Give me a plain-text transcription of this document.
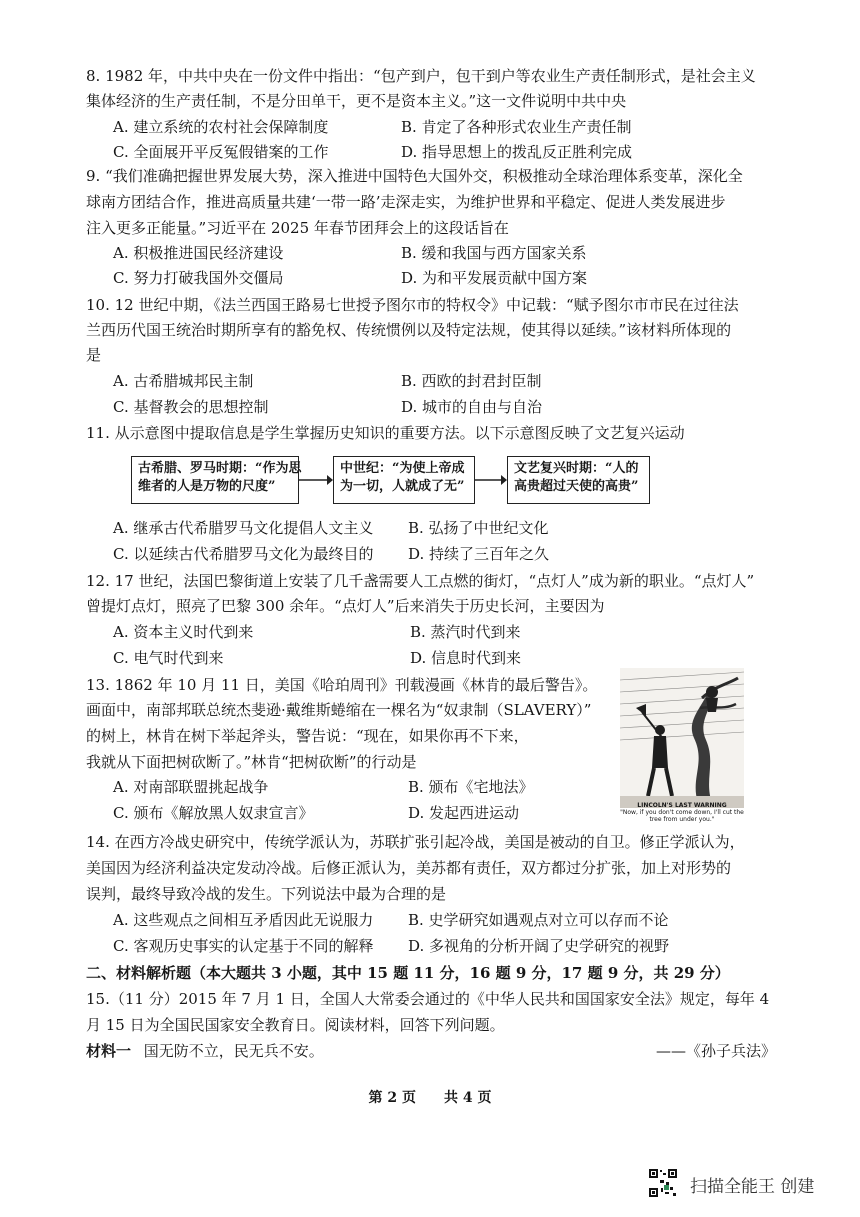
8. 1982 年，中共中央在一份文件中指出：“包产到户，包干到户等农业生产责任制形式，是社会主义
集体经济的生产责任制，不是分田单干，更不是资本主义。”这一文件说明中共中央
A. 建立系统的农村社会保障制度	B. 肯定了各种形式农业生产责任制
C. 全面展开平反冤假错案的工作	D. 指导思想上的拨乱反正胜利完成
9. “我们准确把握世界发展大势，深入推进中国特色大国外交，积极推动全球治理体系变革，深化全
球南方团结合作，推进高质量共建‘一带一路’走深走实，为维护世界和平稳定、促进人类发展进步
注入更多正能量。”习近平在 2025 年春节团拜会上的这段话旨在
A. 积极推进国民经济建设	B. 缓和我国与西方国家关系
C. 努力打破我国外交僵局	D. 为和平发展贡献中国方案
10. 12 世纪中期，《法兰西国王路易七世授予图尔市的特权令》中记载：“赋予图尔市市民在过往法
兰西历代国王统治时期所享有的豁免权、传统惯例以及特定法规，使其得以延续。”该材料所体现的
是
A. 古希腊城邦民主制	B. 西欧的封君封臣制
C. 基督教会的思想控制	D. 城市的自由与自治
11. 从示意图中提取信息是学生掌握历史知识的重要方法。以下示意图反映了文艺复兴运动
古希腊、罗马时期：“作为思
维者的人是万物的尺度”
中世纪：“为使上帝成
为一切，人就成了无”
文艺复兴时期：“人的
高贵超过天使的高贵”
A. 继承古代希腊罗马文化提倡人文主义 B. 弘扬了中世纪文化
C. 以延续古代希腊罗马文化为最终目的 D. 持续了三百年之久
12. 17 世纪，法国巴黎街道上安装了几千盏需要人工点燃的街灯，“点灯人”成为新的职业。“点灯人”
曾提灯点灯，照亮了巴黎 300 余年。“点灯人”后来消失于历史长河，主要因为
A. 资本主义时代到来	B. 蒸汽时代到来
C. 电气时代到来	D. 信息时代到来
13. 1862 年 10 月 11 日，美国《哈珀周刊》刊载漫画《林肯的最后警告》。
画面中，南部邦联总统杰斐逊·戴维斯蜷缩在一棵名为“奴隶制（SLAVERY）”
的树上，林肯在树下举起斧头，警告说：“现在，如果你再不下来，
我就从下面把树砍断了。”林肯“把树砍断”的行动是
A. 对南部联盟挑起战争	B. 颁布《宅地法》
C. 颁布《解放黑人奴隶宣言》	D. 发起西进运动	LINCOLN'S LAST WARNING
"Now, if you don't come down, I'll cut the tree from under you."
14. 在西方冷战史研究中，传统学派认为，苏联扩张引起冷战，美国是被动的自卫。修正学派认为，
美国因为经济利益决定发动冷战。后修正派认为，美苏都有责任，双方都过分扩张，加上对形势的
误判，最终导致冷战的发生。下列说法中最为合理的是
A. 这些观点之间相互矛盾因此无说服力 B. 史学研究如遇观点对立可以存而不论
C. 客观历史事实的认定基于不同的解释 D. 多视角的分析开阔了史学研究的视野
二、材料解析题（本大题共 3 小题，其中 15 题 11 分，16 题 9 分，17 题 9 分，共 29 分）
15.（11 分）2015 年 7 月 1 日，全国人大常委会通过的《中华人民共和国国家安全法》规定，每年 4
月 15 日为全国民国家安全教育日。阅读材料，回答下列问题。
材料一 国无防不立，民无兵不安。	——《孙子兵法》
第 2 页　　共 4 页
扫描全能王 创建
